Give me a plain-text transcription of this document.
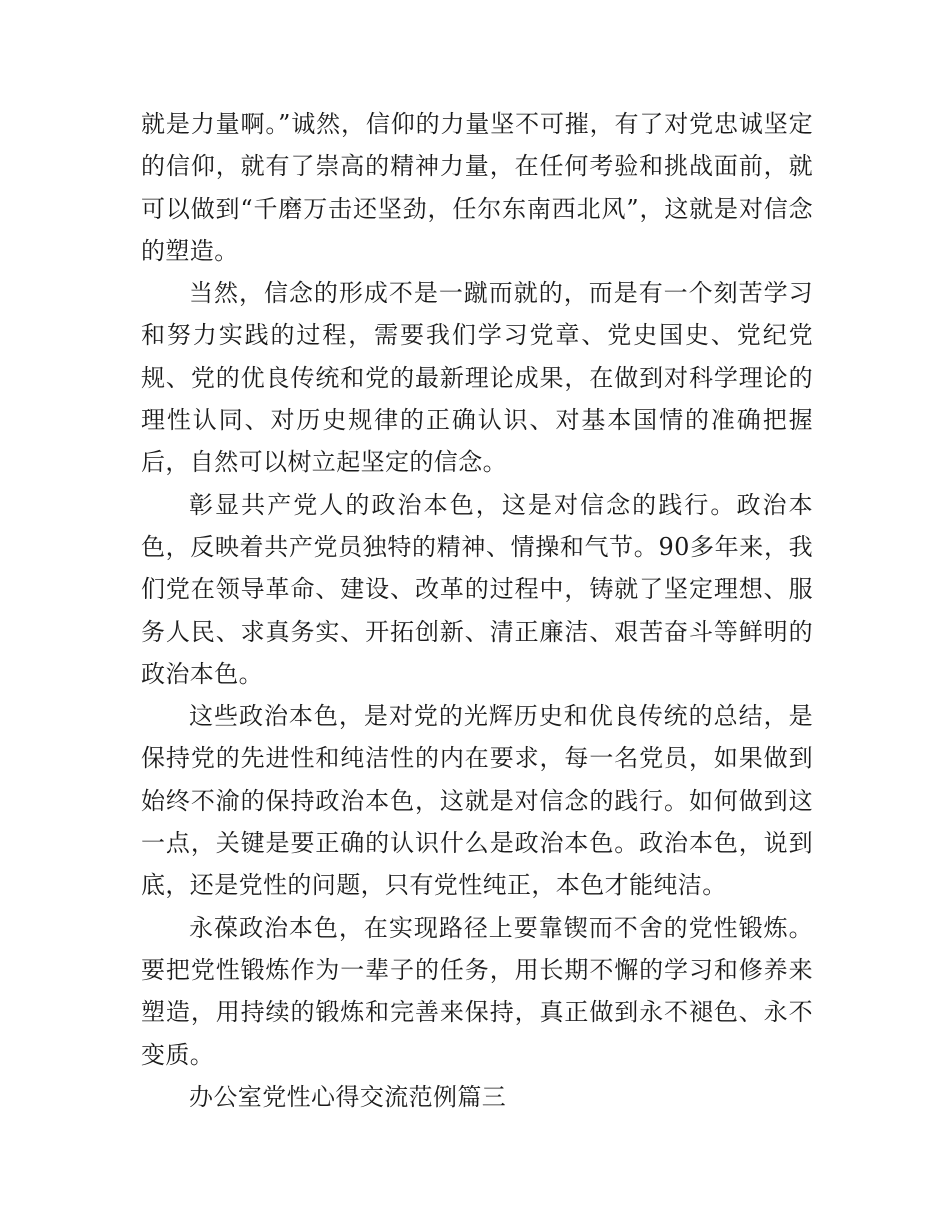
就是力量啊。”诚然，信仰的力量坚不可摧，有了对党忠诚坚定的信仰，就有了崇高的精神力量，在任何考验和挑战面前，就可以做到“千磨万击还坚劲，任尔东南西北风”，这就是对信念的塑造。

当然，信念的形成不是一蹴而就的，而是有一个刻苦学习和努力实践的过程，需要我们学习党章、党史国史、党纪党规、党的优良传统和党的最新理论成果，在做到对科学理论的理性认同、对历史规律的正确认识、对基本国情的准确把握后，自然可以树立起坚定的信念。

彰显共产党人的政治本色，这是对信念的践行。政治本色，反映着共产党员独特的精神、情操和气节。90多年来，我们党在领导革命、建设、改革的过程中，铸就了坚定理想、服务人民、求真务实、开拓创新、清正廉洁、艰苦奋斗等鲜明的政治本色。

这些政治本色，是对党的光辉历史和优良传统的总结，是保持党的先进性和纯洁性的内在要求，每一名党员，如果做到始终不渝的保持政治本色，这就是对信念的践行。如何做到这一点，关键是要正确的认识什么是政治本色。政治本色，说到底，还是党性的问题，只有党性纯正，本色才能纯洁。

永葆政治本色，在实现路径上要靠锲而不舍的党性锻炼。要把党性锻炼作为一辈子的任务，用长期不懈的学习和修养来塑造，用持续的锻炼和完善来保持，真正做到永不褪色、永不变质。

办公室党性心得交流范例篇三
